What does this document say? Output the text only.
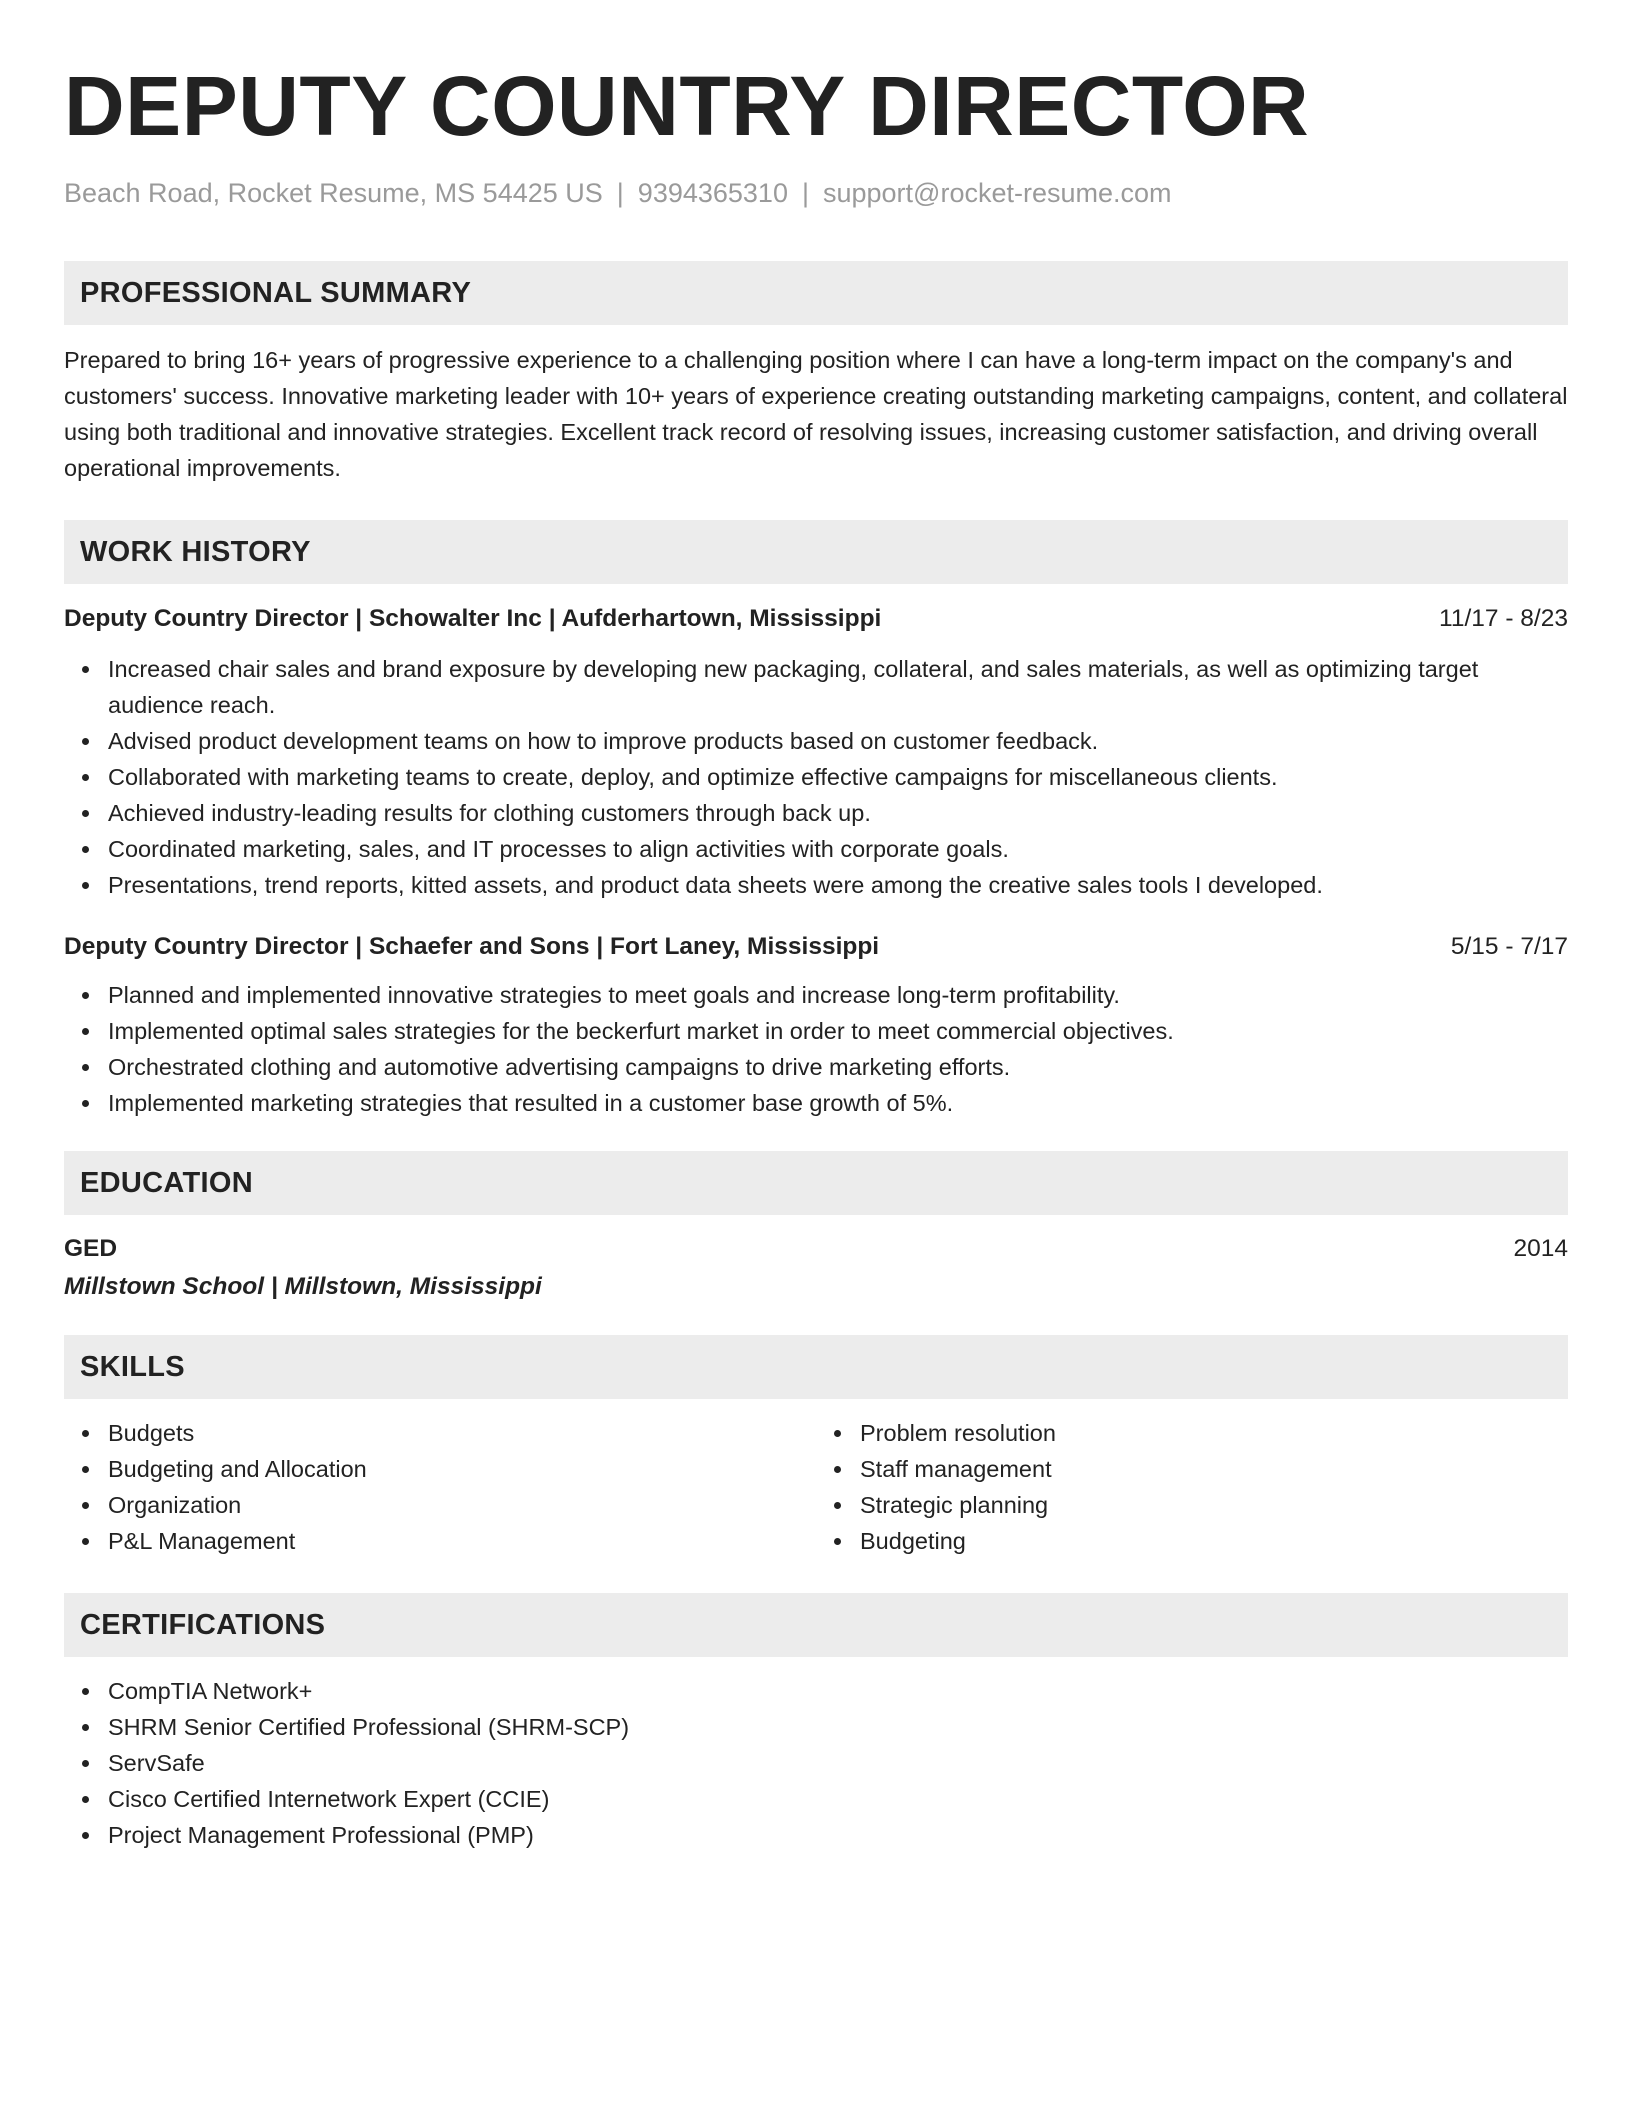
DEPUTY COUNTRY DIRECTOR
Beach Road, Rocket Resume, MS 54425 US | 9394365310 | support@rocket-resume.com
PROFESSIONAL SUMMARY

Prepared to bring 16+ years of progressive experience to a challenging position where I can have a long-term impact on the company's and customers' success. Innovative marketing leader with 10+ years of experience creating outstanding marketing campaigns, content, and collateral using both traditional and innovative strategies. Excellent track record of resolving issues, increasing customer satisfaction, and driving overall operational improvements.

WORK HISTORY
Deputy Country Director | Schowalter Inc | Aufderhartown, Mississippi	11/17 - 8/23
Increased chair sales and brand exposure by developing new packaging, collateral, and sales materials, as well as optimizing target audience reach.
Advised product development teams on how to improve products based on customer feedback.
Collaborated with marketing teams to create, deploy, and optimize effective campaigns for miscellaneous clients.
Achieved industry-leading results for clothing customers through back up.
Coordinated marketing, sales, and IT processes to align activities with corporate goals.
Presentations, trend reports, kitted assets, and product data sheets were among the creative sales tools I developed.
Deputy Country Director | Schaefer and Sons | Fort Laney, Mississippi	5/15 - 7/17
Planned and implemented innovative strategies to meet goals and increase long-term profitability.
Implemented optimal sales strategies for the beckerfurt market in order to meet commercial objectives.
Orchestrated clothing and automotive advertising campaigns to drive marketing efforts.
Implemented marketing strategies that resulted in a customer base growth of 5%.
EDUCATION
GED	2014
Millstown School | Millstown, Mississippi
SKILLS
Budgets
Budgeting and Allocation
Organization
P&L Management
Problem resolution
Staff management
Strategic planning
Budgeting
CERTIFICATIONS
CompTIA Network+
SHRM Senior Certified Professional (SHRM-SCP)
ServSafe
Cisco Certified Internetwork Expert (CCIE)
Project Management Professional (PMP)
